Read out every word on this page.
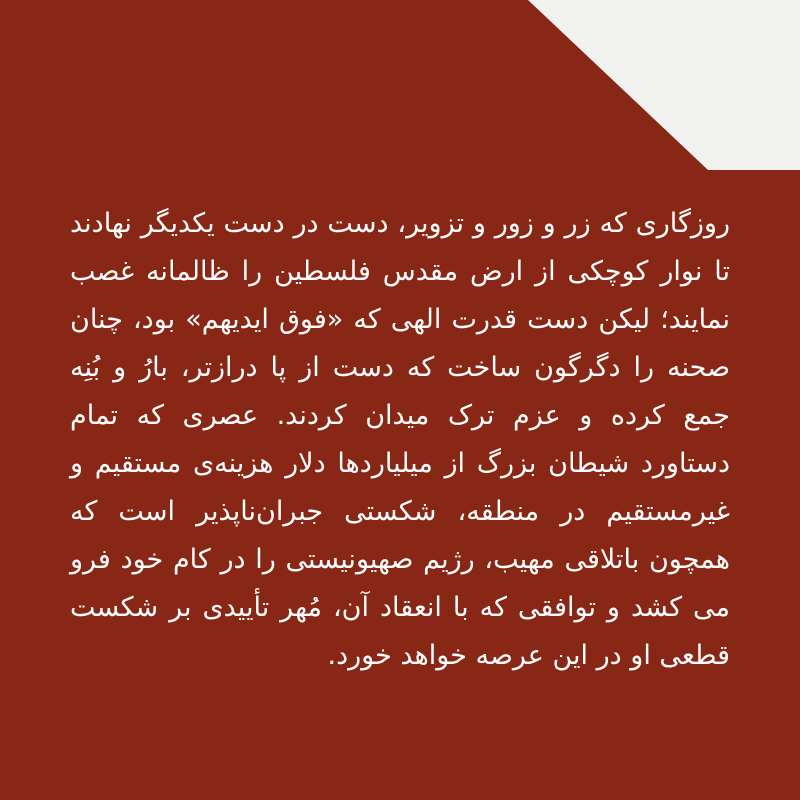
روزگاری که زر و زور و تزویر، دست در دست یکدیگر نهادند تا نوار کوچکی از ارض مقدس فلسطین را ظالمانه غصب نمایند؛ لیکن دست قدرت الهی که «فوق ایدیهم» بود، چنان صحنه را دگرگون ساخت که دست از پا درازتر، بارُ و بُنِه جمع کرده و عزم ترک میدان کردند. عصری که تمام دستاورد شیطان بزرگ از میلیاردها دلار هزینه‌ی مستقیم و غیرمستقیم در منطقه، شکستی جبران‌ناپذیر است که همچون باتلاقی مهیب، رژیم صهیونیستی را در کام خود فرو می کشد و توافقی که با انعقاد آن، مُهر تأییدی بر شکست قطعی او در این عرصه خواهد خورد.
